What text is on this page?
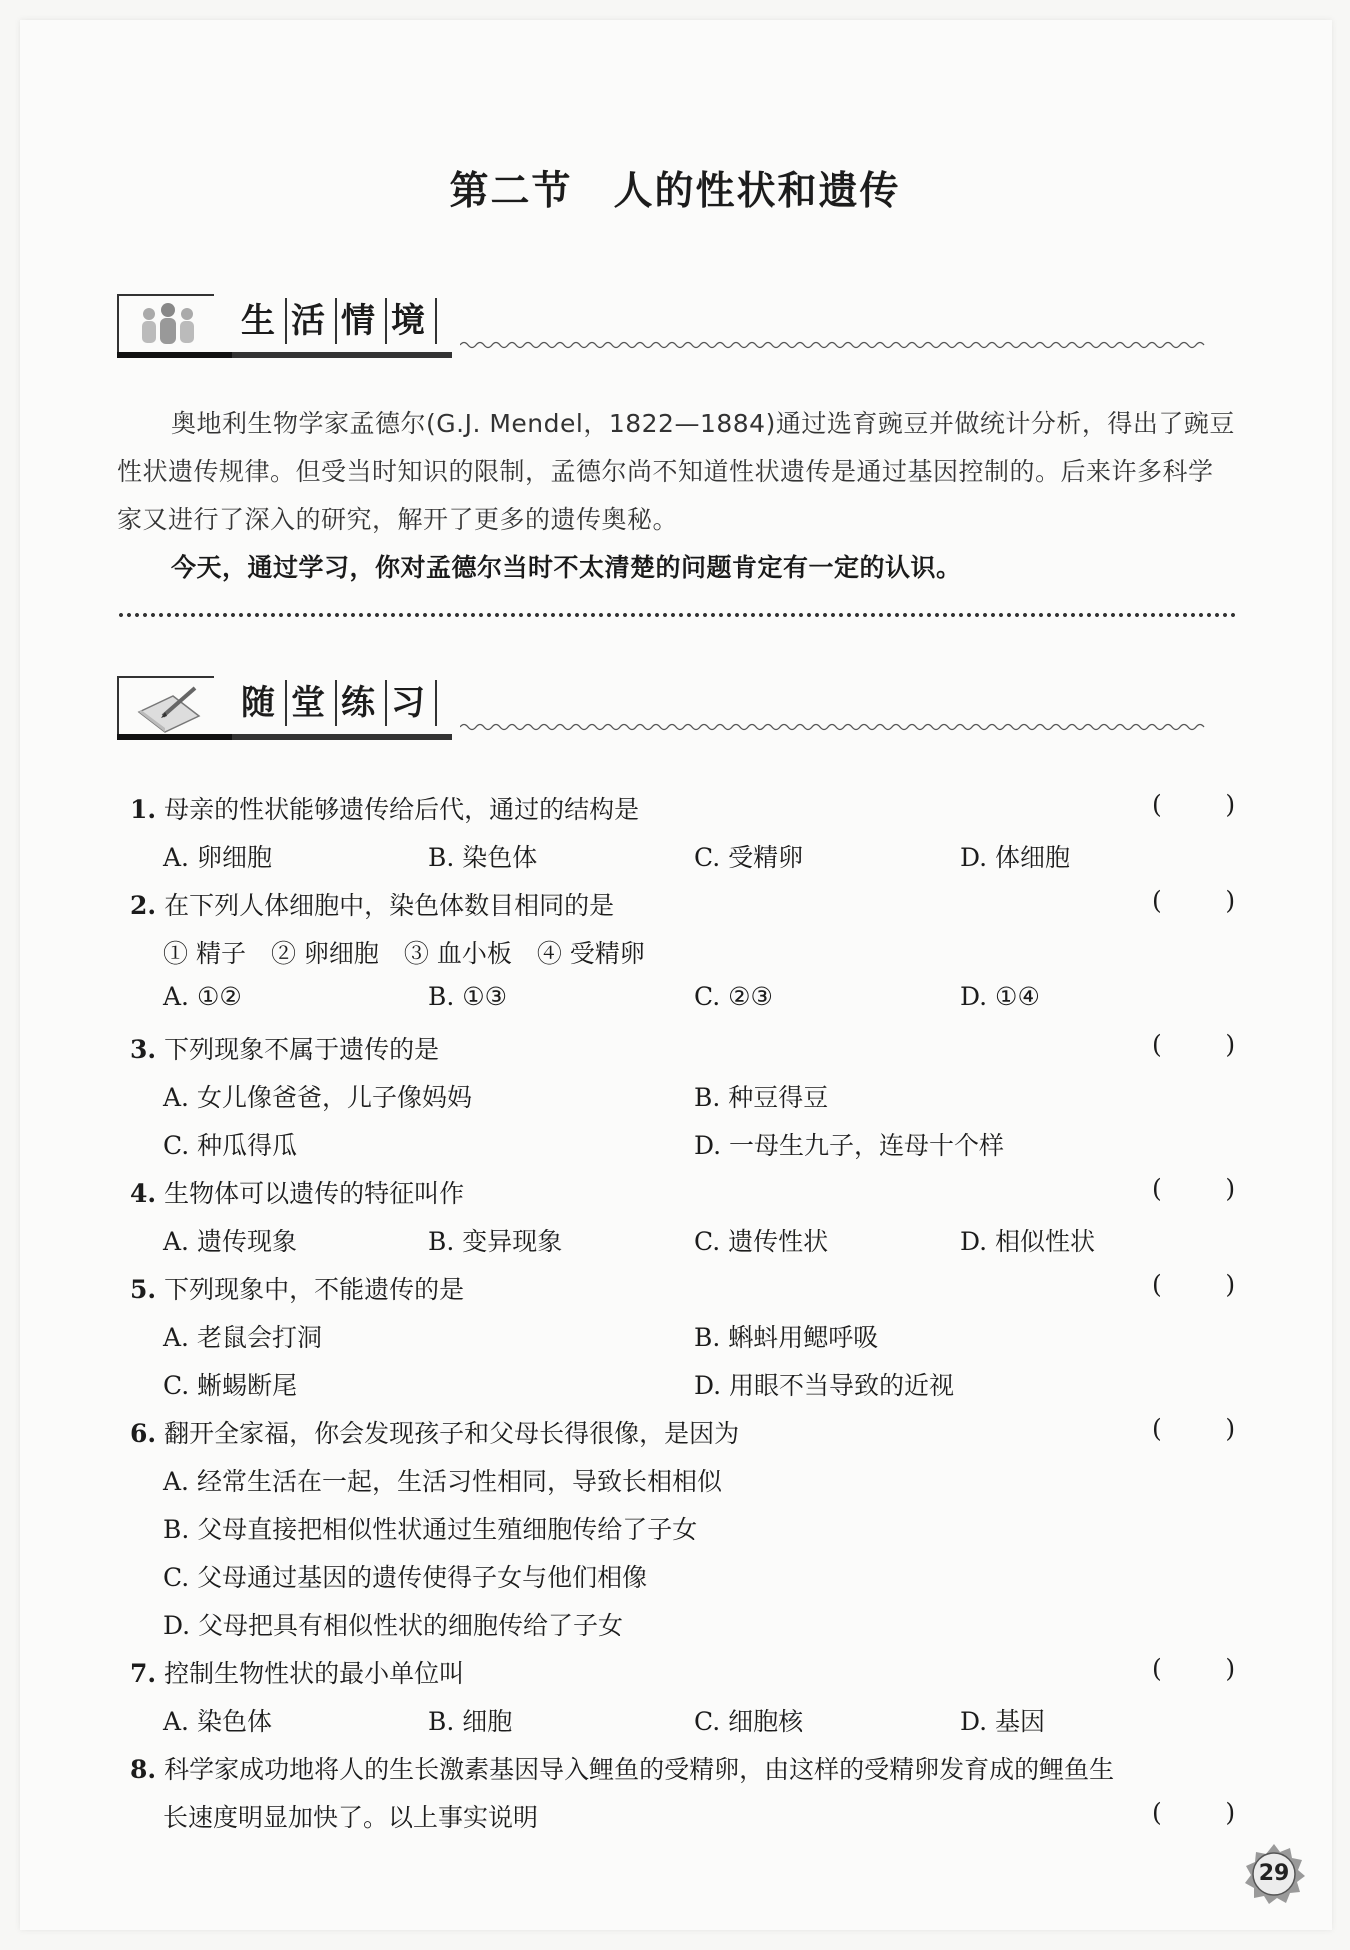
第二节　人的性状和遗传
生 活 情 境

奥地利生物学家孟德尔(G.J. Mendel，1822—1884)通过选育豌豆并做统计分析，得出了豌豆性状遗传规律。但受当时知识的限制，孟德尔尚不知道性状遗传是通过基因控制的。后来许多科学家又进行了深入的研究，解开了更多的遗传奥秘。

今天，通过学习，你对孟德尔当时不太清楚的问题肯定有一定的认识。

随 堂 练 习
1. 母亲的性状能够遗传给后代，通过的结构是	(        )
A. 卵细胞	B. 染色体	C. 受精卵	D. 体细胞
2. 在下列人体细胞中，染色体数目相同的是	(        )
① 精子　② 卵细胞　③ 血小板　④ 受精卵
A. ①②	B. ①③	C. ②③	D. ①④
3. 下列现象不属于遗传的是	(        )
A. 女儿像爸爸，儿子像妈妈	B. 种豆得豆
C. 种瓜得瓜	D. 一母生九子，连母十个样
4. 生物体可以遗传的特征叫作	(        )
A. 遗传现象	B. 变异现象	C. 遗传性状	D. 相似性状
5. 下列现象中，不能遗传的是	(        )
A. 老鼠会打洞	B. 蝌蚪用鳃呼吸
C. 蜥蜴断尾	D. 用眼不当导致的近视
6. 翻开全家福，你会发现孩子和父母长得很像，是因为	(        )
A. 经常生活在一起，生活习性相同，导致长相相似
B. 父母直接把相似性状通过生殖细胞传给了子女
C. 父母通过基因的遗传使得子女与他们相像
D. 父母把具有相似性状的细胞传给了子女
7. 控制生物性状的最小单位叫	(        )
A. 染色体	B. 细胞	C. 细胞核	D. 基因
8. 科学家成功地将人的生长激素基因导入鲤鱼的受精卵，由这样的受精卵发育成的鲤鱼生
长速度明显加快了。以上事实说明	(        )
29
